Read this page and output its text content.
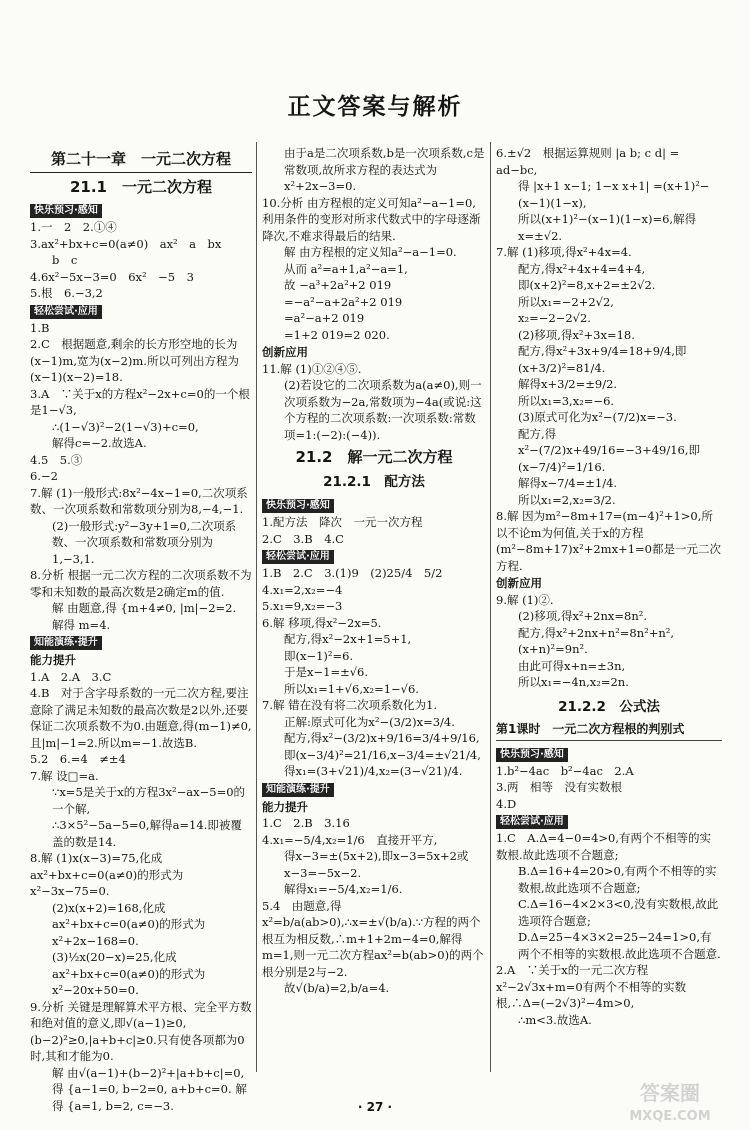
正文答案与解析
第二十一章　一元二次方程
21.1　一元二次方程
快乐预习·感知
1.一　2　2.①④
3.ax²+bx+c=0(a≠0)　ax²　a　bx
b　c
4.6x²−5x−3=0　6x²　−5　3
5.根　6.−3,2
轻松尝试·应用
1.B
2.C　根据题意,剩余的长方形空地的长为(x−1)m,宽为(x−2)m.所以可列出方程为(x−1)(x−2)=18.
3.A　∵关于x的方程x²−2x+c=0的一个根是1−√3,
∴(1−√3)²−2(1−√3)+c=0,
解得c=−2.故选A.
4.5　5.③
6.−2
7.解 (1)一般形式:8x²−4x−1=0,二次项系数、一次项系数和常数项分别为8,−4,−1.
(2)一般形式:y²−3y+1=0,二次项系数、一次项系数和常数项分别为1,−3,1.
8.分析 根据一元二次方程的二次项系数不为零和未知数的最高次数是2确定m的值.
解 由题意,得 {m+4≠0, |m|−2=2.
解得 m=4.
知能演练·提升
能力提升
1.A　2.A　3.C
4.B　对于含字母系数的一元二次方程,要注意除了满足未知数的最高次数是2以外,还要保证二次项系数不为0.由题意,得(m−1)≠0,且|m|−1=2.所以m=−1.故选B.
5.2　6.=4　≠±4
7.解 设□=a.
∵x=5是关于x的方程3x²−ax−5=0的一个解,
∴3×5²−5a−5=0,解得a=14.即被覆盖的数是14.
8.解 (1)x(x−3)=75,化成ax²+bx+c=0(a≠0)的形式为x²−3x−75=0.
(2)x(x+2)=168,化成ax²+bx+c=0(a≠0)的形式为x²+2x−168=0.
(3)½x(20−x)=25,化成ax²+bx+c=0(a≠0)的形式为x²−20x+50=0.
9.分析 关键是理解算术平方根、完全平方数和绝对值的意义,即√(a−1)≥0,(b−2)²≥0,|a+b+c|≥0.只有使各项都为0时,其和才能为0.
解 由√(a−1)+(b−2)²+|a+b+c|=0,得 {a−1=0, b−2=0, a+b+c=0. 解得 {a=1, b=2, c=−3.
由于a是二次项系数,b是一次项系数,c是常数项,故所求方程的表达式为x²+2x−3=0.
10.分析 由方程根的定义可知a²−a−1=0,利用条件的变形对所求代数式中的字母逐渐降次,不难求得最后的结果.
解 由方程根的定义知a²−a−1=0.
从而 a²=a+1,a²−a=1,
故 −a³+2a²+2 019
=−a²−a+2a²+2 019
=a²−a+2 019
=1+2 019=2 020.
创新应用
11.解 (1)①②④⑤.
(2)若设它的二次项系数为a(a≠0),则一次项系数为−2a,常数项为−4a(或说:这个方程的二次项系数:一次项系数:常数项=1:(−2):(−4)).
21.2　解一元二次方程
21.2.1　配方法
快乐预习·感知
1.配方法　降次　一元一次方程
2.C　3.B　4.C
轻松尝试·应用
1.B　2.C　3.(1)9　(2)25/4　5/2
4.x₁=2,x₂=−4
5.x₁=9,x₂=−3
6.解 移项,得x²−2x=5.
配方,得x²−2x+1=5+1,
即(x−1)²=6.
于是x−1=±√6.
所以x₁=1+√6,x₂=1−√6.
7.解 错在没有将二次项系数化为1.
正解:原式可化为x²−(3/2)x=3/4.
配方,得x²−(3/2)x+9/16=3/4+9/16,即(x−3/4)²=21/16,x−3/4=±√21/4,得x₁=(3+√21)/4,x₂=(3−√21)/4.
知能演练·提升
能力提升
1.C　2.B　3.16
4.x₁=−5/4,x₂=1/6　直接开平方,
得x−3=±(5x+2),即x−3=5x+2或x−3=−5x−2.
解得x₁=−5/4,x₂=1/6.
5.4　由题意,得x²=b/a(ab>0),∴x=±√(b/a).∵方程的两个根互为相反数,∴m+1+2m−4=0,解得m=1,则一元二次方程ax²=b(ab>0)的两个根分别是2与−2.
故√(b/a)=2,b/a=4.
6.±√2　根据运算规则 |a b; c d| = ad−bc,
得 |x+1 x−1; 1−x x+1| =(x+1)²−(x−1)(1−x),
所以(x+1)²−(x−1)(1−x)=6,解得x=±√2.
7.解 (1)移项,得x²+4x=4.
配方,得x²+4x+4=4+4,
即(x+2)²=8,x+2=±2√2.
所以x₁=−2+2√2,
x₂=−2−2√2.
(2)移项,得x²+3x=18.
配方,得x²+3x+9/4=18+9/4,即(x+3/2)²=81/4.
解得x+3/2=±9/2.
所以x₁=3,x₂=−6.
(3)原式可化为x²−(7/2)x=−3.
配方,得x²−(7/2)x+49/16=−3+49/16,即(x−7/4)²=1/16.
解得x−7/4=±1/4.
所以x₁=2,x₂=3/2.
8.解 因为m²−8m+17=(m−4)²+1>0,所以不论m为何值,关于x的方程(m²−8m+17)x²+2mx+1=0都是一元二次方程.
创新应用
9.解 (1)②.
(2)移项,得x²+2nx=8n².
配方,得x²+2nx+n²=8n²+n²,(x+n)²=9n².
由此可得x+n=±3n,
所以x₁=−4n,x₂=2n.
21.2.2　公式法
第1课时　一元二次方程根的判别式
快乐预习·感知
1.b²−4ac　b²−4ac　2.A
3.两　相等　没有实数根
4.D
轻松尝试·应用
1.C　A.Δ=4−0=4>0,有两个不相等的实数根.故此选项不合题意;
B.Δ=16+4=20>0,有两个不相等的实数根,故此选项不合题意;
C.Δ=16−4×2×3<0,没有实数根,故此选项符合题意;
D.Δ=25−4×3×2=25−24=1>0,有两个不相等的实数根.故此选项不合题意.
2.A　∵关于x的一元二次方程x²−2√3x+m=0有两个不相等的实数根,∴Δ=(−2√3)²−4m>0,
∴m<3.故选A.
· 27 ·
答案圈
MXQE.COM
